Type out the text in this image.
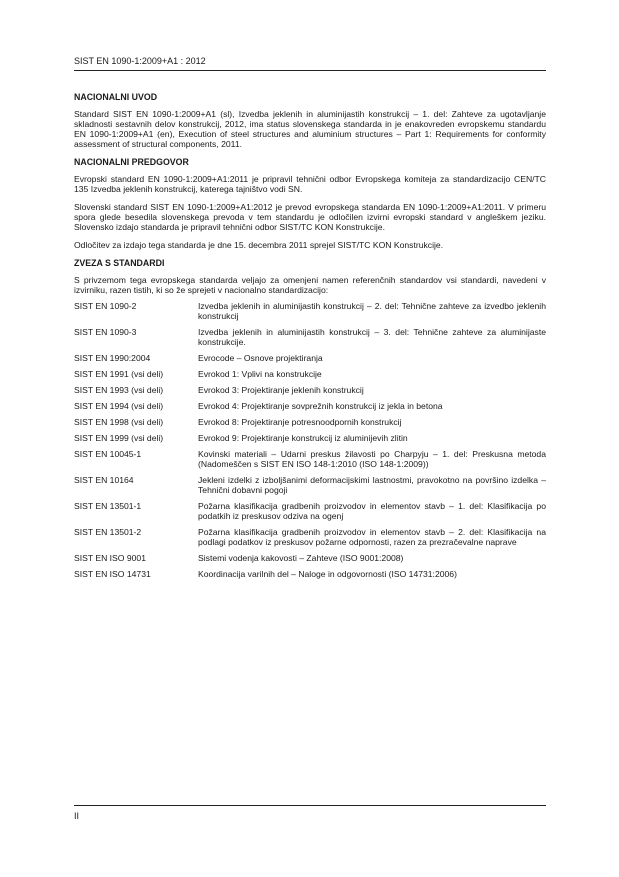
SIST EN 1090-1:2009+A1 : 2012
NACIONALNI UVOD

Standard SIST EN 1090-1:2009+A1 (sl), Izvedba jeklenih in aluminijastih konstrukcij – 1. del: Zahteve za ugotavljanje skladnosti sestavnih delov konstrukcij, 2012, ima status slovenskega standarda in je enakovreden evropskemu standardu EN 1090-1:2009+A1 (en), Execution of steel structures and aluminium structures – Part 1: Requirements for conformity assessment of structural components, 2011.

NACIONALNI PREDGOVOR

Evropski standard EN 1090-1:2009+A1:2011 je pripravil tehnični odbor Evropskega komiteja za standardizacijo CEN/TC 135 Izvedba jeklenih konstrukcij, katerega tajništvo vodi SN.

Slovenski standard SIST EN 1090-1:2009+A1:2012 je prevod evropskega standarda EN 1090-1:2009+A1:2011. V primeru spora glede besedila slovenskega prevoda v tem standardu je odločilen izvirni evropski standard v angleškem jeziku. Slovensko izdajo standarda je pripravil tehnični odbor SIST/TC KON Konstrukcije.

Odločitev za izdajo tega standarda je dne 15. decembra 2011 sprejel SIST/TC KON Konstrukcije.

ZVEZA S STANDARDI

S privzemom tega evropskega standarda veljajo za omenjeni namen referenčnih standardov vsi standardi, navedeni v izvirniku, razen tistih, ki so že sprejeti v nacionalno standardizacijo:

SIST EN 1090-2	Izvedba jeklenih in aluminijastih konstrukcij – 2. del: Tehnične zahteve za izvedbo jeklenih konstrukcij
SIST EN 1090-3	Izvedba jeklenih in aluminijastih konstrukcij – 3. del: Tehnične zahteve za aluminijaste konstrukcije.
SIST EN 1990:2004	Evrocode – Osnove projektiranja
SIST EN 1991 (vsi deli)	Evrokod 1: Vplivi na konstrukcije
SIST EN 1993 (vsi deli)	Evrokod 3: Projektiranje jeklenih konstrukcij
SIST EN 1994 (vsi deli)	Evrokod 4: Projektiranje sovprežnih konstrukcij iz jekla in betona
SIST EN 1998 (vsi deli)	Evrokod 8: Projektiranje potresnoodpornih konstrukcij
SIST EN 1999 (vsi deli)	Evrokod 9: Projektiranje konstrukcij iz aluminijevih zlitin
SIST EN 10045-1	Kovinski materiali – Udarni preskus žilavosti po Charpyju – 1. del: Preskusna metoda (Nadomeščen s SIST EN ISO 148-1:2010 (ISO 148-1:2009))
SIST EN 10164	Jekleni izdelki z izboljšanimi deformacijskimi lastnostmi, pravokotno na površino izdelka – Tehnični dobavni pogoji
SIST EN 13501-1	Požarna klasifikacija gradbenih proizvodov in elementov stavb – 1. del: Klasifikacija po podatkih iz preskusov odziva na ogenj
SIST EN 13501-2	Požarna klasifikacija gradbenih proizvodov in elementov stavb – 2. del: Klasifikacija na podlagi podatkov iz preskusov požarne odpornosti, razen za prezračevalne naprave
SIST EN ISO 9001	Sistemi vodenja kakovosti – Zahteve (ISO 9001:2008)
SIST EN ISO 14731	Koordinacija varilnih del – Naloge in odgovornosti (ISO 14731:2006)
II
